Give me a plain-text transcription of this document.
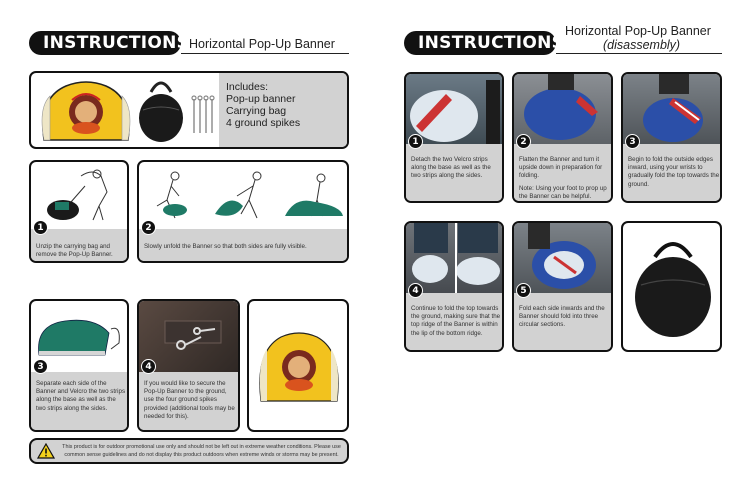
INSTRUCTIONS Horizontal Pop-Up Banner
Includes:
Pop-up banner
Carrying bag
4 ground spikes
1
Unzip the carrying bag and remove the Pop-Up Banner.
2
Slowly unfold the Banner so that both sides are fully visible.
3
Separate each side of the Banner and Velcro the two strips along the base as well as the two strips along the sides.
4
If you would like to secure the Pop-Up Banner to the ground, use the four ground spikes provided (additional tools may be needed for this).
This product is for outdoor promotional use only and should not be left out in extreme weather conditions. Please use common sense guidelines and do not display this product outdoors when extreme winds or storms may be present.
INSTRUCTIONS
Horizontal Pop-Up Banner
(disassembly)
1
Detach the two Velcro strips along the base as well as the two strips along the sides.
2

Flatten the Banner and turn it upside down in preparation for folding.

Note: Using your foot to prop up the Banner can be helpful.

3
Begin to fold the outside edges inward, using your wrists to gradually fold the top towards the ground.
4
Continue to fold the top towards the ground, making sure that the top ridge of the Banner is within the lip of the bottom ridge.
5
Fold each side inwards and the Banner should fold into three circular sections.
